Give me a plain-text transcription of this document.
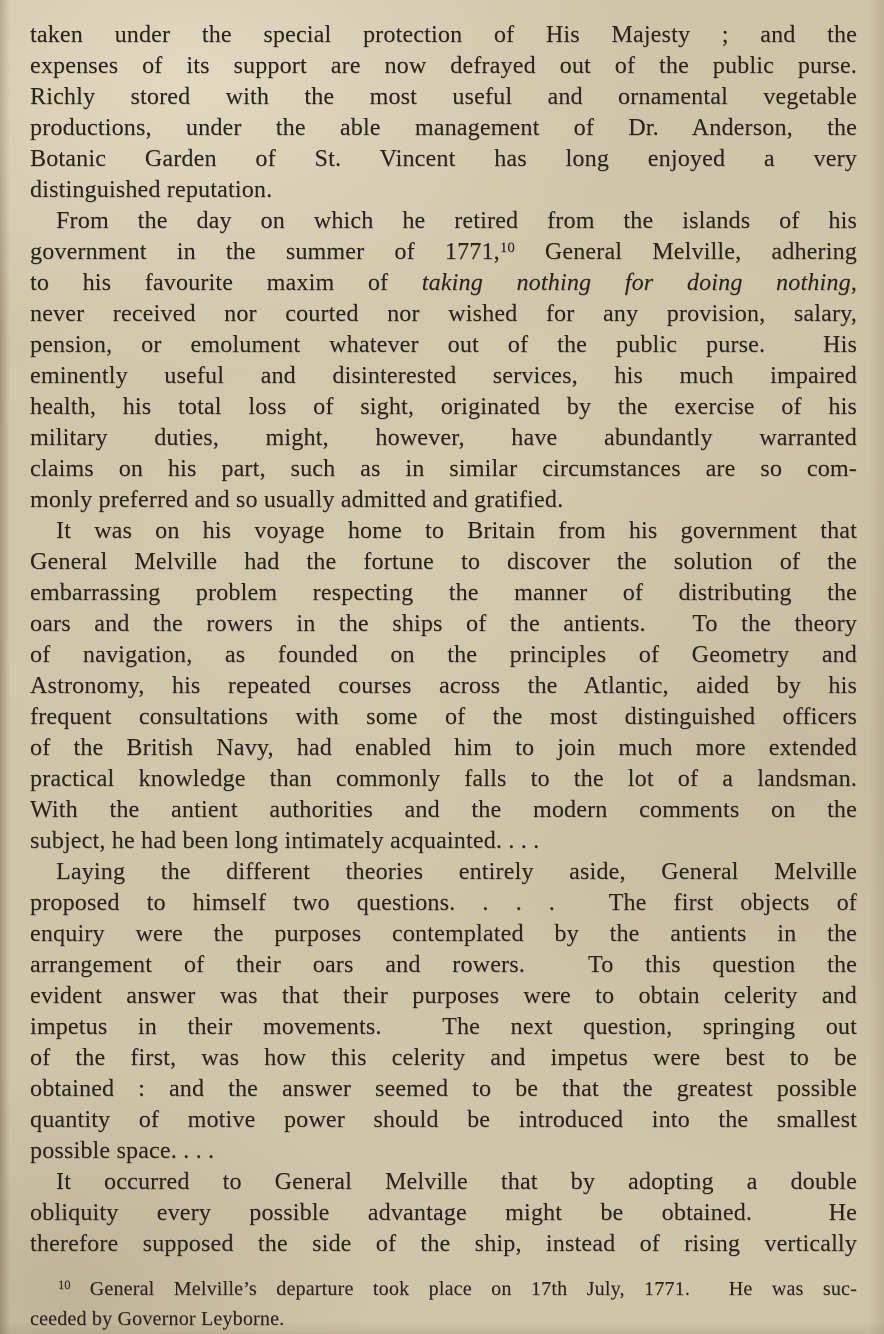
taken under the special protection of His Majesty ; and the
expenses of its support are now defrayed out of the public purse.
Richly stored with the most useful and ornamental vegetable
productions, under the able management of Dr. Anderson, the
Botanic Garden of St. Vincent has long enjoyed a very
distinguished reputation.
From the day on which he retired from the islands of his
government in the summer of 1771,10 General Melville, adhering
to his favourite maxim of taking nothing for doing nothing,
never received nor courted nor wished for any provision, salary,
pension, or emolument whatever out of the public purse.  His
eminently useful and disinterested services, his much impaired
health, his total loss of sight, originated by the exercise of his
military duties, might, however, have abundantly warranted
claims on his part, such as in similar circumstances are so com-
monly preferred and so usually admitted and gratified.
It was on his voyage home to Britain from his government that
General Melville had the fortune to discover the solution of the
embarrassing problem respecting the manner of distributing the
oars and the rowers in the ships of the antients.  To the theory
of navigation, as founded on the principles of Geometry and
Astronomy, his repeated courses across the Atlantic, aided by his
frequent consultations with some of the most distinguished officers
of the British Navy, had enabled him to join much more extended
practical knowledge than commonly falls to the lot of a landsman.
With the antient authorities and the modern comments on the
subject, he had been long intimately acquainted. . . .
Laying the different theories entirely aside, General Melville
proposed to himself two questions. . . .  The first objects of
enquiry were the purposes contemplated by the antients in the
arrangement of their oars and rowers.  To this question the
evident answer was that their purposes were to obtain celerity and
impetus in their movements.  The next question, springing out
of the first, was how this celerity and impetus were best to be
obtained : and the answer seemed to be that the greatest possible
quantity of motive power should be introduced into the smallest
possible space. . . .
It occurred to General Melville that by adopting a double
obliquity every possible advantage might be obtained.  He
therefore supposed the side of the ship, instead of rising vertically
$^{10}$ General Melville’s departure took place on 17th July, 1771.  He was suc-
ceeded by Governor Leyborne.
